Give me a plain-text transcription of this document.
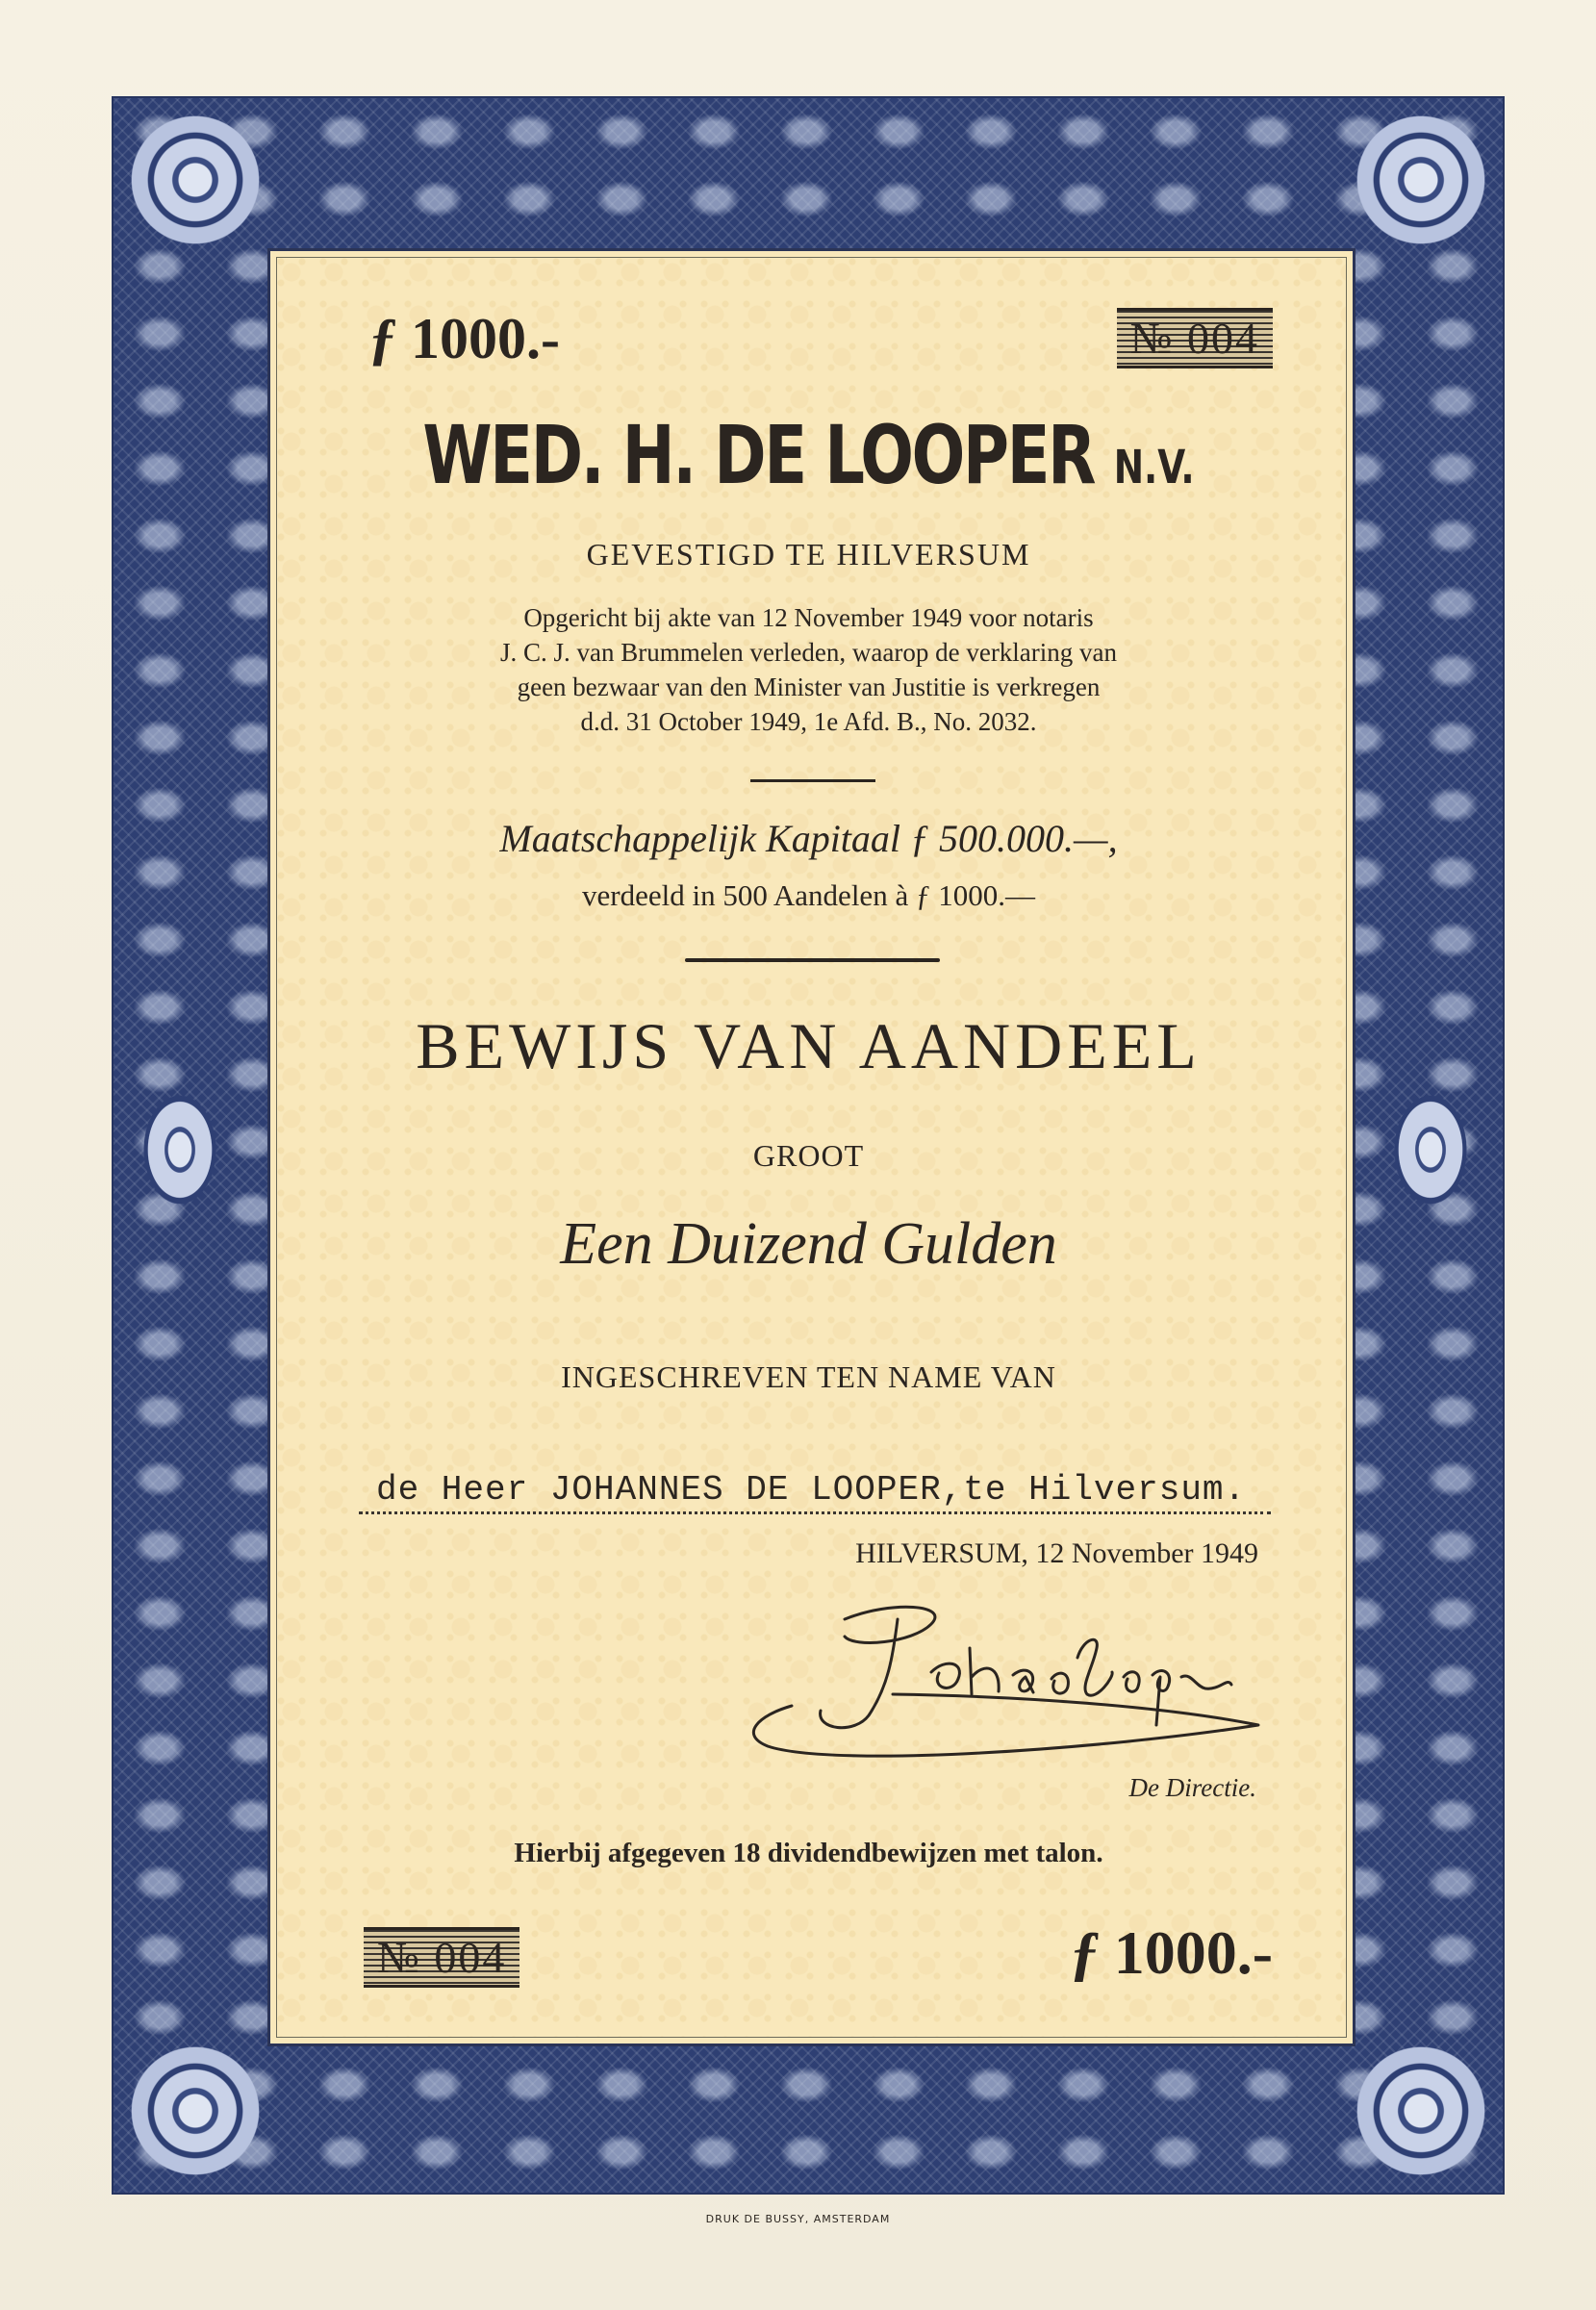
ƒ 1000.-	№ 004
WED. H. DE LOOPER N.V.
GEVESTIGD TE HILVERSUM
Opgericht bij akte van 12 November 1949 voor notaris
J. C. J. van Brummelen verleden, waarop de verklaring van
geen bezwaar van den Minister van Justitie is verkregen
d.d. 31 October 1949, 1e Afd. B., No. 2032.
Maatschappelijk Kapitaal ƒ 500.000.—,
verdeeld in 500 Aandelen à ƒ 1000.—
BEWIJS VAN AANDEEL
GROOT
Een Duizend Gulden
INGESCHREVEN TEN NAME VAN
de Heer JOHANNES DE LOOPER,te Hilversum.
HILVERSUM, 12 November 1949
De Directie.
Hierbij afgegeven 18 dividendbewijzen met talon.
№ 004	ƒ 1000.-
DRUK DE BUSSY, AMSTERDAM
